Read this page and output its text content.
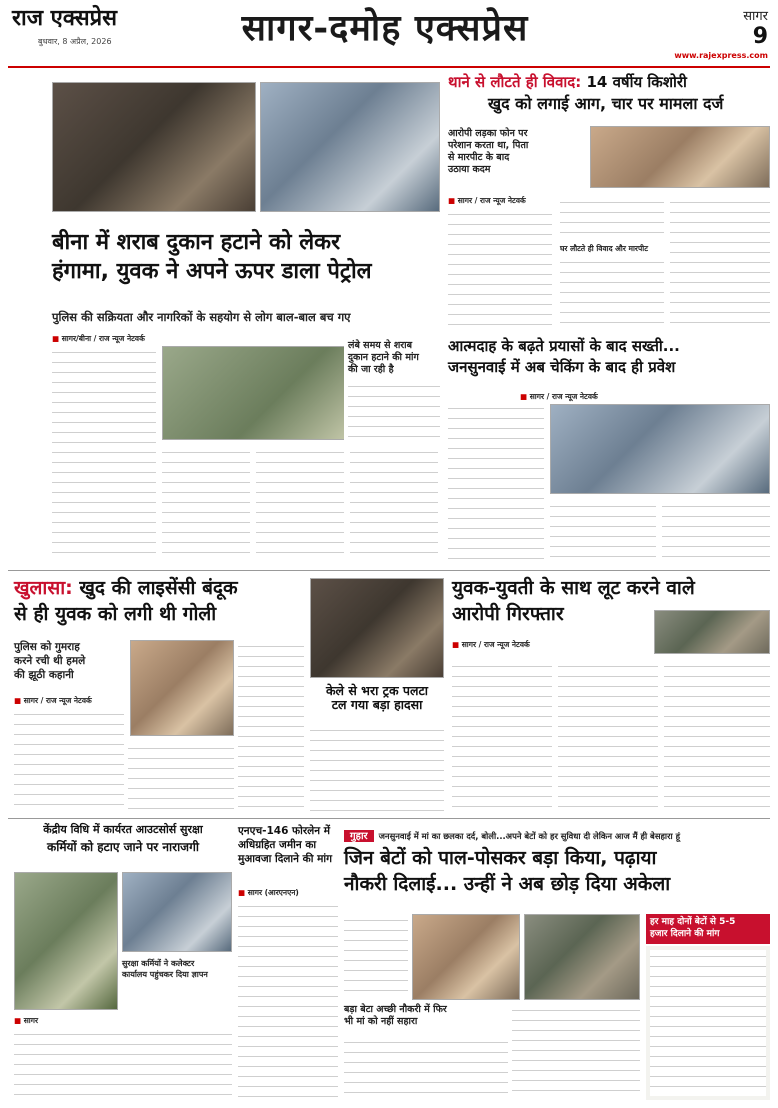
राज एक्सप्रेस
बुधवार, 8 अप्रैल, 2026	सागर-दमोह एक्सप्रेस	सागर
9
www.rajexpress.com
थाने से लौटते ही विवाद: 14 वर्षीय किशोरी
खुद को लगाई आग, चार पर मामला दर्ज
आरोपी लड़का फोन पर
परेशान करता था, पिता
से मारपीट के बाद
उठाया कदम
■ सागर / राज न्यूज नेटवर्क
घर लौटते ही विवाद और मारपीट
बीना में शराब दुकान हटाने को लेकर
हंगामा, युवक ने अपने ऊपर डाला पेट्रोल
पुलिस की सक्रियता और नागरिकों के सहयोग से लोग बाल-बाल बच गए
■ सागर/बीना / राज न्यूज नेटवर्क	आत्मदाह के बढ़ते प्रयासों के बाद सख्ती...
जनसुनवाई में अब चेकिंग के बाद ही प्रवेश
लंबे समय से शराब
दुकान हटाने की मांग
की जा रही है
■ सागर / राज न्यूज नेटवर्क
खुलासा: खुद की लाइसेंसी बंदूक
से ही युवक को लगी थी गोली
पुलिस को गुमराह
करने रची थी हमले
की झूठी कहानी
■ सागर / राज न्यूज नेटवर्क
केले से भरा ट्रक पलटा
टल गया बड़ा हादसा
युवक-युवती के साथ लूट करने वाले
आरोपी गिरफ्तार
■ सागर / राज न्यूज नेटवर्क
केंद्रीय विधि में कार्यरत आउटसोर्स सुरक्षा
कर्मियों को हटाए जाने पर नाराजगी
सुरक्षा कर्मियों ने कलेक्टर
कार्यालय पहुंचकर दिया ज्ञापन
■ सागर
एनएच-146 फोरलेन में
अधिग्रहित जमीन का
मुआवजा दिलाने की मांग
■ सागर (आरएनएन)
गुहार जनसुनवाई में मां का छलका दर्द, बोली...अपने बेटों को हर सुविधा दी लेकिन आज मैं ही बेसहारा हूं
जिन बेटों को पाल-पोसकर बड़ा किया, पढ़ाया
नौकरी दिलाई... उन्हीं ने अब छोड़ दिया अकेला
बड़ा बेटा अच्छी नौकरी में फिर
भी मां को नहीं सहारा
हर माह दोनों बेटों से 5-5
हजार दिलाने की मांग
